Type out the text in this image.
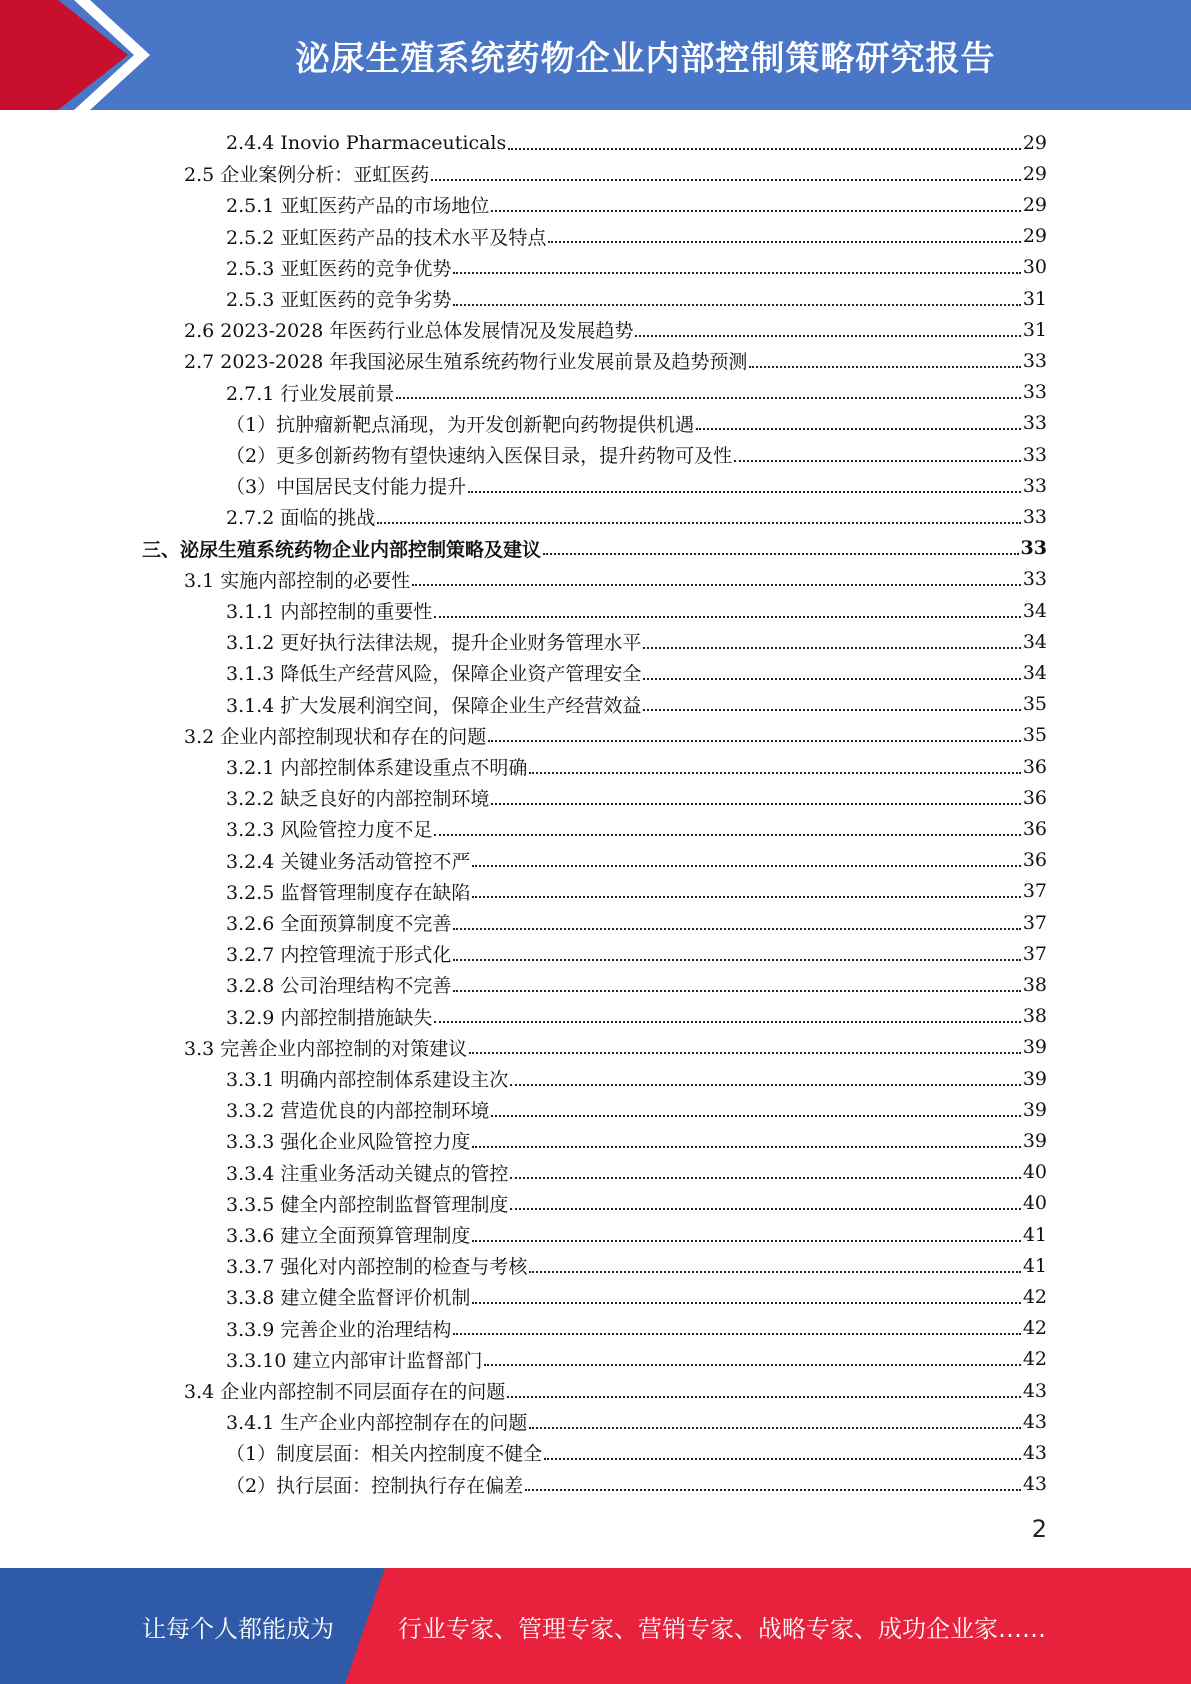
泌尿生殖系统药物企业内部控制策略研究报告
2.4.4 Inovio Pharmaceuticals	29
2.5 企业案例分析：亚虹医药	29
2.5.1 亚虹医药产品的市场地位	29
2.5.2 亚虹医药产品的技术水平及特点	29
2.5.3 亚虹医药的竞争优势	30
2.5.3 亚虹医药的竞争劣势	31
2.6 2023-2028 年医药行业总体发展情况及发展趋势	31
2.7 2023-2028 年我国泌尿生殖系统药物行业发展前景及趋势预测	33
2.7.1 行业发展前景	33
（1）抗肿瘤新靶点涌现，为开发创新靶向药物提供机遇	33
（2）更多创新药物有望快速纳入医保目录，提升药物可及性	33
（3）中国居民支付能力提升	33
2.7.2 面临的挑战	33
三、泌尿生殖系统药物企业内部控制策略及建议	33
3.1 实施内部控制的必要性	33
3.1.1 内部控制的重要性	34
3.1.2 更好执行法律法规，提升企业财务管理水平	34
3.1.3 降低生产经营风险，保障企业资产管理安全	34
3.1.4 扩大发展利润空间，保障企业生产经营效益	35
3.2 企业内部控制现状和存在的问题	35
3.2.1 内部控制体系建设重点不明确	36
3.2.2 缺乏良好的内部控制环境	36
3.2.3 风险管控力度不足	36
3.2.4 关键业务活动管控不严	36
3.2.5 监督管理制度存在缺陷	37
3.2.6 全面预算制度不完善	37
3.2.7 内控管理流于形式化	37
3.2.8 公司治理结构不完善	38
3.2.9 内部控制措施缺失	38
3.3 完善企业内部控制的对策建议	39
3.3.1 明确内部控制体系建设主次	39
3.3.2 营造优良的内部控制环境	39
3.3.3 强化企业风险管控力度	39
3.3.4 注重业务活动关键点的管控	40
3.3.5 健全内部控制监督管理制度	40
3.3.6 建立全面预算管理制度	41
3.3.7 强化对内部控制的检查与考核	41
3.3.8 建立健全监督评价机制	42
3.3.9 完善企业的治理结构	42
3.3.10 建立内部审计监督部门	42
3.4 企业内部控制不同层面存在的问题	43
3.4.1 生产企业内部控制存在的问题	43
（1）制度层面：相关内控制度不健全	43
（2）执行层面：控制执行存在偏差	43
2
让每个人都能成为	行业专家、管理专家、营销专家、战略专家、成功企业家……
